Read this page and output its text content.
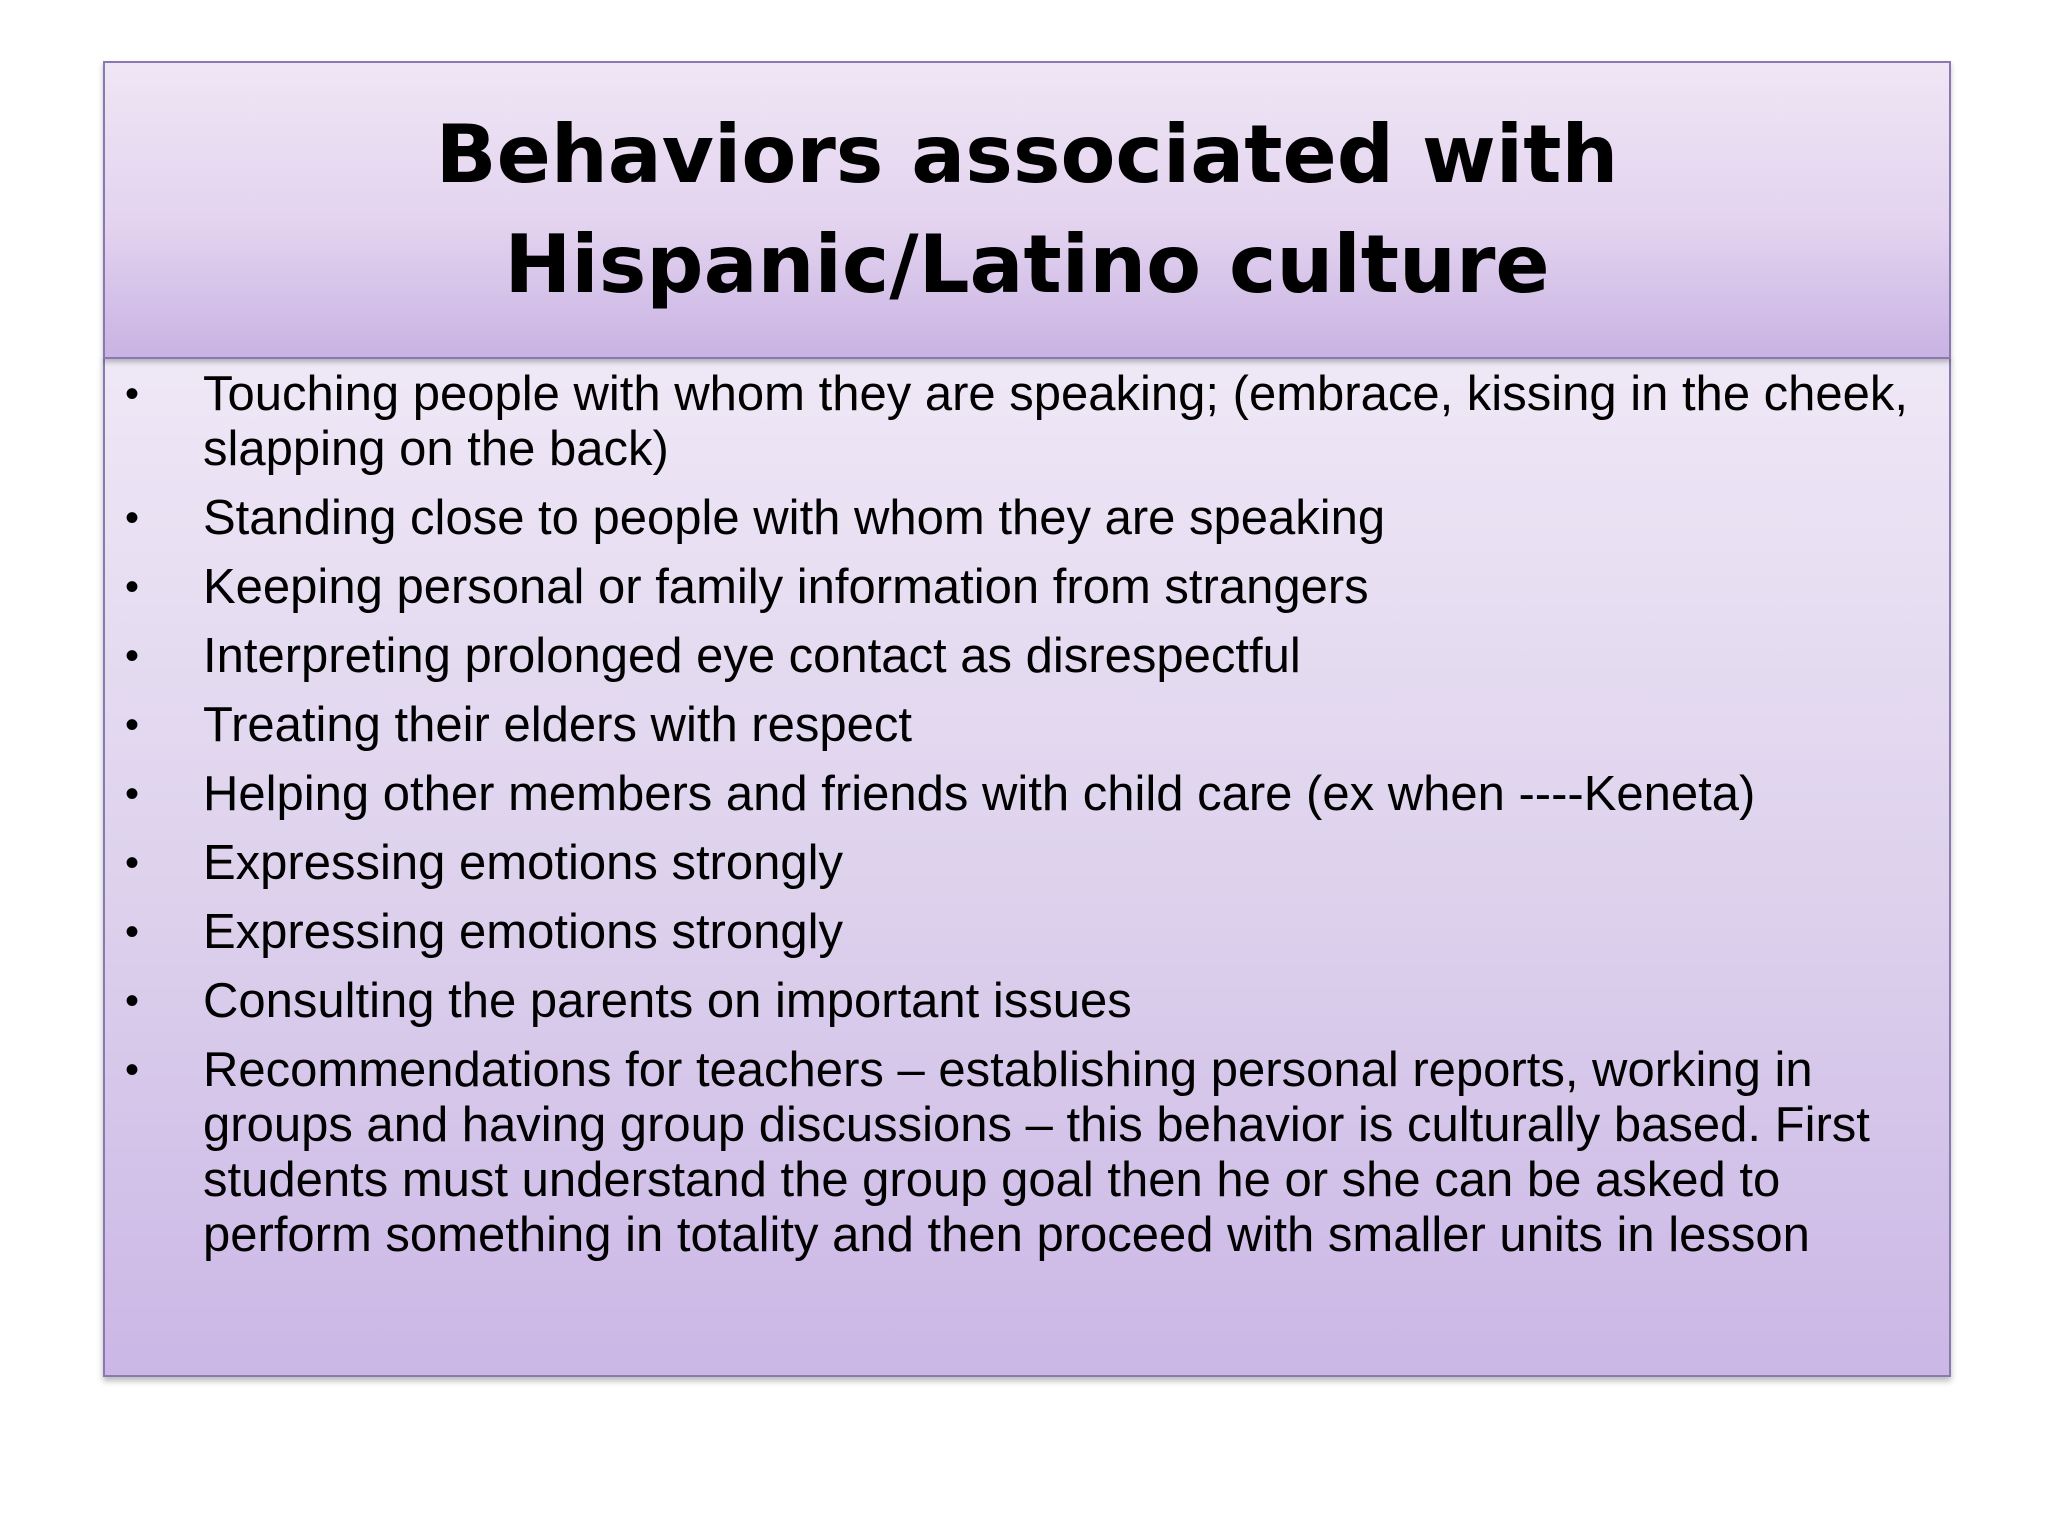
Behaviors associated with Hispanic/Latino culture
• Touching people with whom they are speaking; (embrace, kissing in the cheek, slapping on the back)
• Standing close to people with whom they are speaking
• Keeping personal or family information from strangers
• Interpreting prolonged eye contact as disrespectful
• Treating their elders with respect
• Helping other members and friends with child care (ex when ----Keneta)
• Expressing emotions strongly
• Expressing emotions strongly
• Consulting the parents on important issues
• Recommendations for teachers – establishing personal reports, working in groups and having group discussions – this behavior is culturally based. First students must understand the group goal then he or she can be asked to perform something in totality and then proceed with smaller units in lesson
